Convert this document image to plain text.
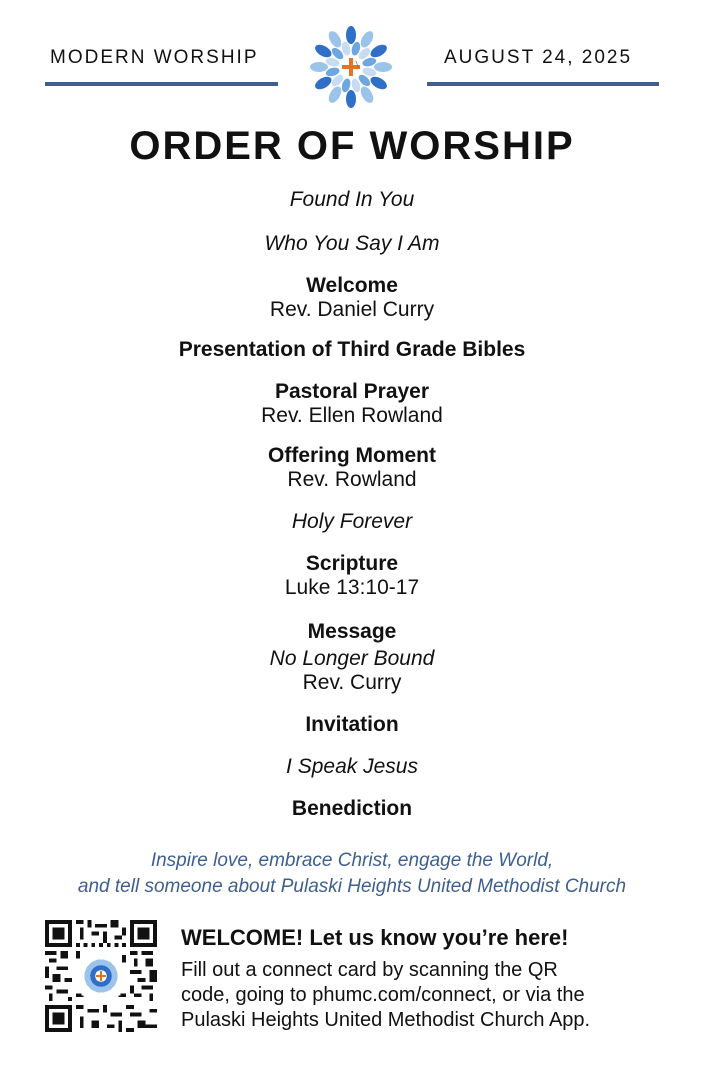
MODERN WORSHIP	AUGUST 24, 2025
ORDER OF WORSHIP
Found In You
Who You Say I Am
Welcome
Rev. Daniel Curry
Presentation of Third Grade Bibles
Pastoral Prayer
Rev. Ellen Rowland
Offering Moment
Rev. Rowland
Holy Forever
Scripture
Luke 13:10-17
Message
No Longer Bound
Rev. Curry
Invitation
I Speak Jesus
Benediction
Inspire love, embrace Christ, engage the World,
and tell someone about Pulaski Heights United Methodist Church
WELCOME! Let us know you’re here!
Fill out a connect card by scanning the QR
code, going to phumc.com/connect, or via the
Pulaski Heights United Methodist Church App.
